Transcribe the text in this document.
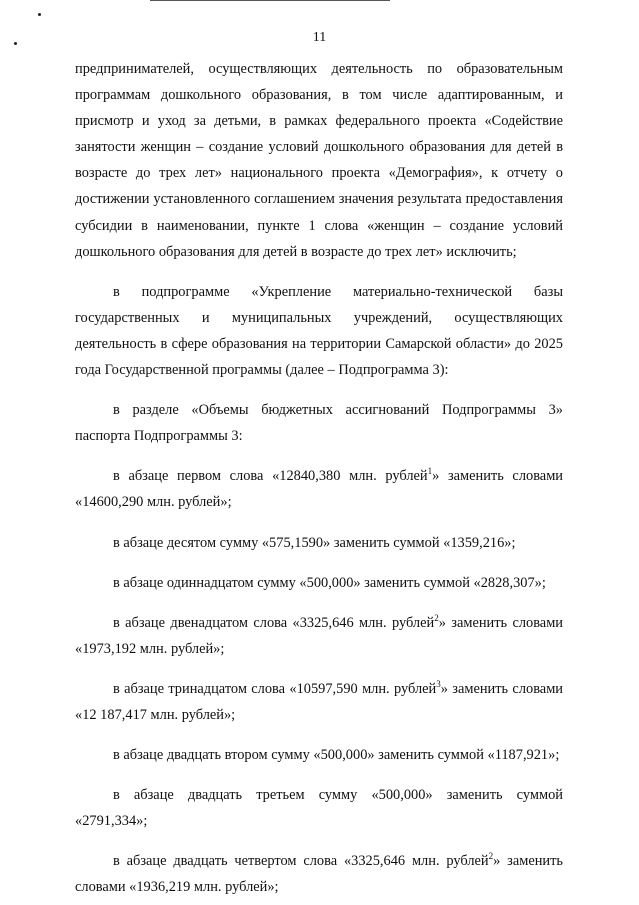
11

предпринимателей, осуществляющих деятельность по образовательным программам дошкольного образования, в том числе адаптированным, и присмотр и уход за детьми, в рамках федерального проекта «Содействие занятости женщин – создание условий дошкольного образования для детей в возрасте до трех лет» национального проекта «Демография», к отчету о достижении установленного соглашением значения результата предоставления субсидии в наименовании, пункте 1 слова «женщин – создание условий дошкольного образования для детей в возрасте до трех лет» исключить;

в подпрограмме «Укрепление материально-технической базы государственных и муниципальных учреждений, осуществляющих деятельность в сфере образования на территории Самарской области» до 2025 года Государственной программы (далее – Подпрограмма 3):

в разделе «Объемы бюджетных ассигнований Подпрограммы 3» паспорта Подпрограммы 3:

в абзаце первом слова «12840,380 млн. рублей$^1$» заменить словами «14600,290 млн. рублей»;

в абзаце десятом сумму «575,1590» заменить суммой «1359,216»;

в абзаце одиннадцатом сумму «500,000» заменить суммой «2828,307»;

в абзаце двенадцатом слова «3325,646 млн. рублей$^2$» заменить словами «1973,192 млн. рублей»;

в абзаце тринадцатом слова «10597,590 млн. рублей$^3$» заменить словами «12 187,417 млн. рублей»;

в абзаце двадцать втором сумму «500,000» заменить суммой «1187,921»;

в абзаце двадцать третьем сумму «500,000» заменить суммой «2791,334»;

в абзаце двадцать четвертом слова «3325,646 млн. рублей$^2$» заменить словами «1936,219 млн. рублей»;
